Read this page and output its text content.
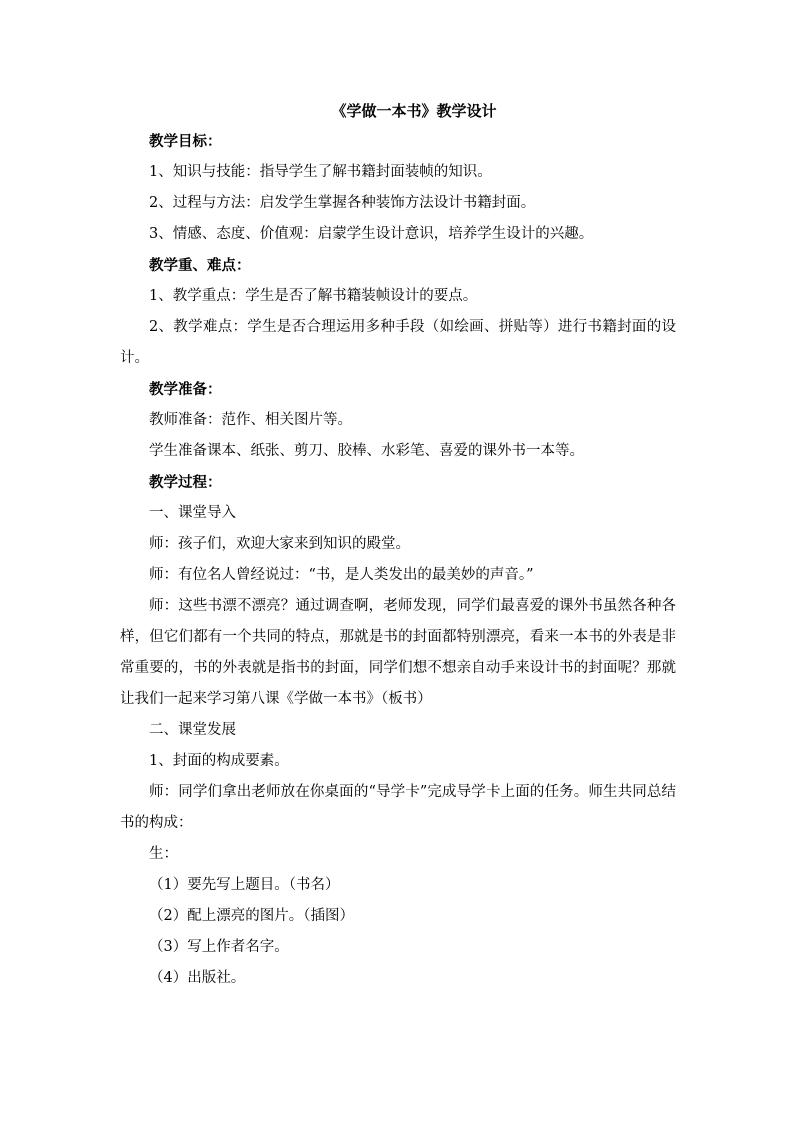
《学做一本书》教学设计
教学目标：
1、知识与技能：指导学生了解书籍封面装帧的知识。
2、过程与方法：启发学生掌握各种装饰方法设计书籍封面。
3、情感、态度、价值观：启蒙学生设计意识，培养学生设计的兴趣。
教学重、难点：
1、教学重点：学生是否了解书籍装帧设计的要点。
2、教学难点：学生是否合理运用多种手段（如绘画、拼贴等）进行书籍封面的设计。
教学准备：
教师准备：范作、相关图片等。
学生准备课本、纸张、剪刀、胶棒、水彩笔、喜爱的课外书一本等。
教学过程：
一、课堂导入
师：孩子们，欢迎大家来到知识的殿堂。
师：有位名人曾经说过：“书，是人类发出的最美妙的声音。”
师：这些书漂不漂亮？通过调查啊，老师发现，同学们最喜爱的课外书虽然各种各样，但它们都有一个共同的特点，那就是书的封面都特别漂亮，看来一本书的外表是非常重要的，书的外表就是指书的封面，同学们想不想亲自动手来设计书的封面呢？那就让我们一起来学习第八课《学做一本书》（板书）
二、课堂发展
1、封面的构成要素。
师：同学们拿出老师放在你桌面的“导学卡”完成导学卡上面的任务。师生共同总结书的构成：
生：
（1）要先写上题目。（书名）
（2）配上漂亮的图片。（插图）
（3）写上作者名字。
（4）出版社。
